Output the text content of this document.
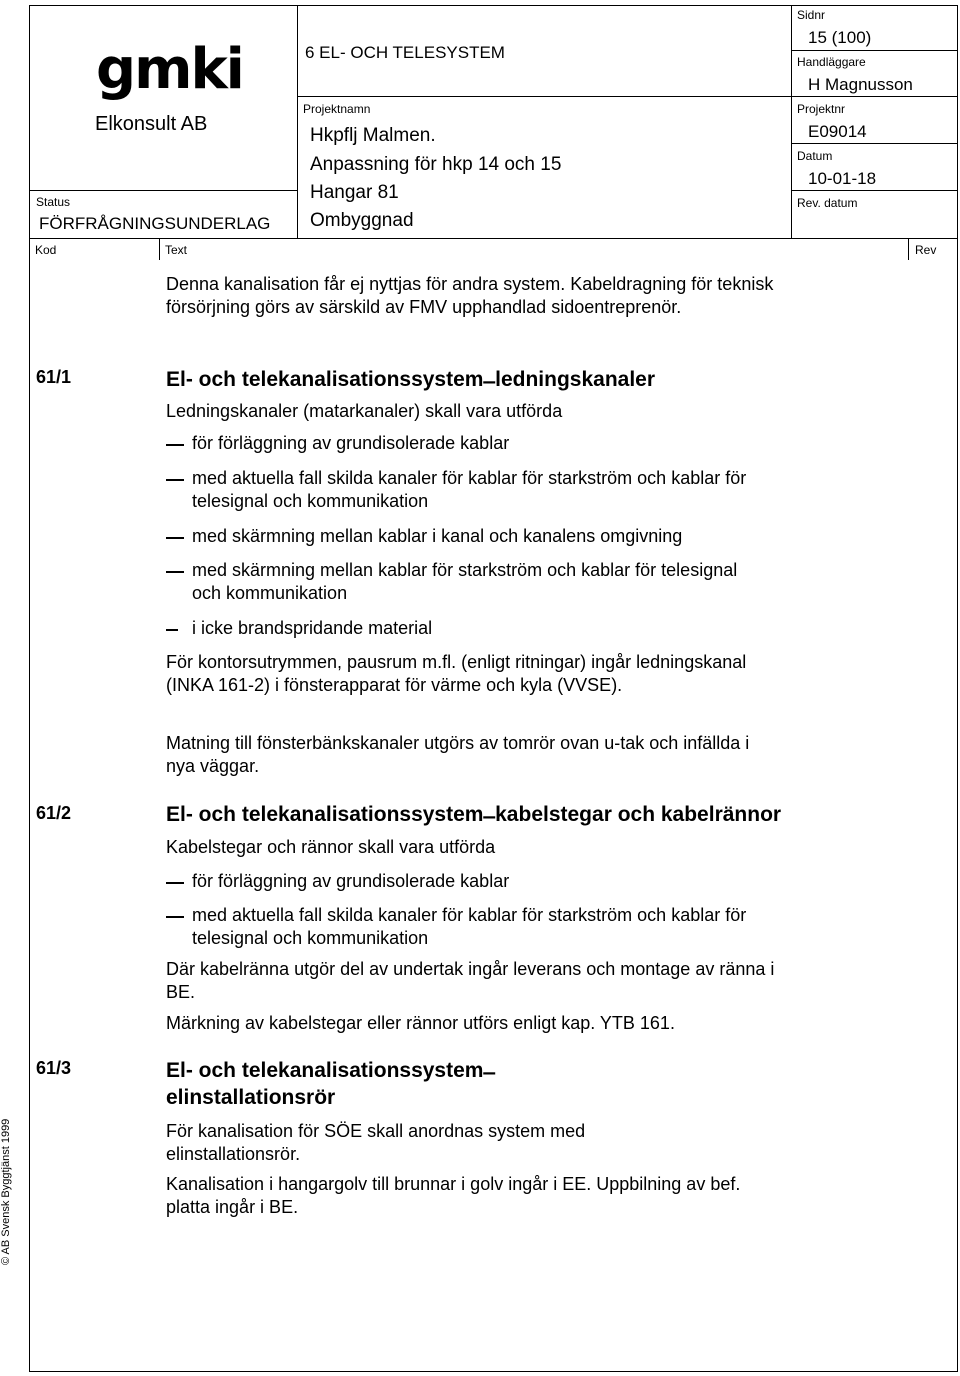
gmki
Elkonsult AB
Status
FÖRFRÅGNINGSUNDERLAG
6 EL- OCH TELESYSTEM
Projektnamn
Hkpflj Malmen.
Anpassning för hkp 14 och 15
Hangar 81
Ombyggnad
Sidnr
15 (100)
Handläggare
H Magnusson
Projektnr
E09014
Datum
10-01-18
Rev. datum
Kod	Text	Rev
Denna kanalisation får ej nyttjas för andra system. Kabeldragning för teknisk försörjning görs av särskild av FMV upphandlad sidoentreprenör.
61/1	El- och telekanalisationssystem ̶ ledningskanaler
Ledningskanaler (matarkanaler) skall vara utförda
för förläggning av grundisolerade kablar
med aktuella fall skilda kanaler för kablar för starkström och kablar för telesignal och kommunikation
med skärmning mellan kablar i kanal och kanalens omgivning
med skärmning mellan kablar för starkström och kablar för telesignal och kommunikation
i icke brandspridande material
För kontorsutrymmen, pausrum m.fl. (enligt ritningar) ingår ledningskanal (INKA 161-2) i fönsterapparat för värme och kyla (VVSE).
Matning till fönsterbänkskanaler utgörs av tomrör ovan u-tak och infällda i nya väggar.
61/2	El- och telekanalisationssystem ̶ kabelstegar och kabelrännor
Kabelstegar och rännor skall vara utförda
för förläggning av grundisolerade kablar
med aktuella fall skilda kanaler för kablar för starkström och kablar för telesignal och kommunikation
Där kabelränna utgör del av undertak ingår leverans och montage av ränna i BE.
Märkning av kabelstegar eller rännor utförs enligt kap. YTB 161.
61/3	El- och telekanalisationssystem ̶
elinstallationsrör
För kanalisation för SÖE skall anordnas system med elinstallationsrör.
Kanalisation i hangargolv till brunnar i golv ingår i EE. Uppbilning av bef. platta ingår i BE.
© AB Svensk Byggtjänst 1999
